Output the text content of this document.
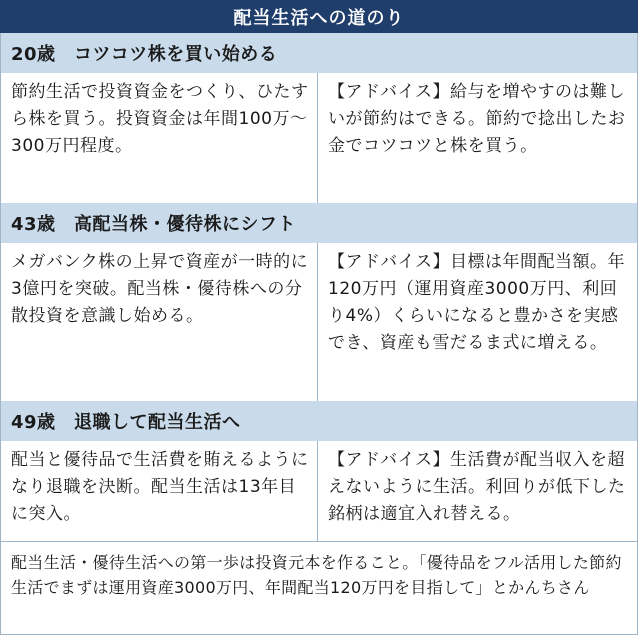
配当生活への道のり
20歳　コツコツ株を買い始める
節約生活で投資資金をつくり、ひたすら株を買う。投資資金は年間100万～300万円程度。
【アドバイス】給与を増やすのは難しいが節約はできる。節約で捻出したお金でコツコツと株を買う。
43歳　高配当株・優待株にシフト
メガバンク株の上昇で資産が一時的に3億円を突破。配当株・優待株への分散投資を意識し始める。
【アドバイス】目標は年間配当額。年120万円（運用資産3000万円、利回り4%）くらいになると豊かさを実感でき、資産も雪だるま式に増える。
49歳　退職して配当生活へ
配当と優待品で生活費を賄えるようになり退職を決断。配当生活は13年目に突入。
【アドバイス】生活費が配当収入を超えないように生活。利回りが低下した銘柄は適宜入れ替える。
配当生活・優待生活への第一歩は投資元本を作ること。「優待品をフル活用した節約生活でまずは運用資産3000万円、年間配当120万円を目指して」とかんちさん
